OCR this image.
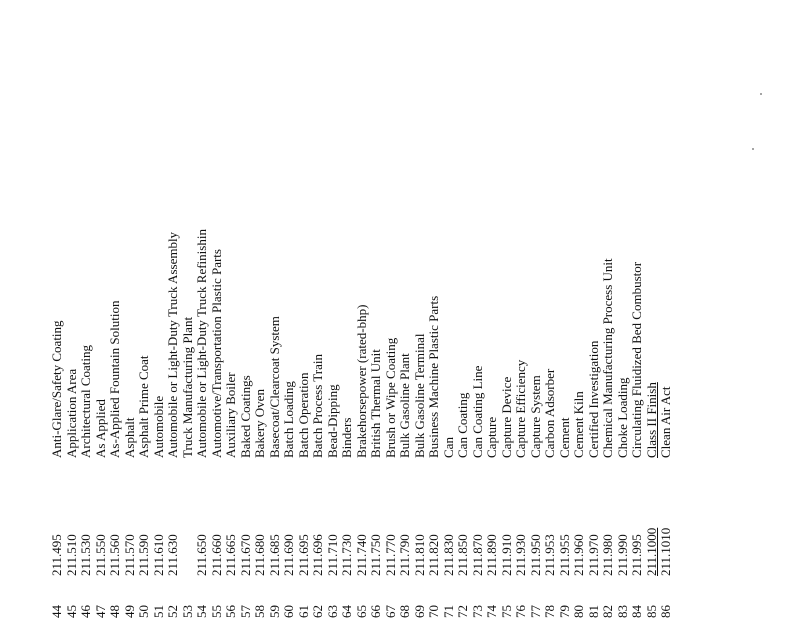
44
211.495
Anti-Glare/Safety Coating
45
211.510
Application Area
46
211.530
Architectural Coating
47
211.550
As Applied
48
211.560
As-Applied Fountain Solution
49
211.570
Asphalt
50
211.590
Asphalt Prime Coat
51
211.610
Automobile
52
211.630
Automobile or Light-Duty Truck Assembly
53
Truck Manufacturing Plant
54
211.650
Automobile or Light-Duty Truck Refinishin
55
211.660
Automotive/Transportation Plastic Parts
56
211.665
Auxiliary Boiler
57
211.670
Baked Coatings
58
211.680
Bakery Oven
59
211.685
Basecoat/Clearcoat System
60
211.690
Batch Loading
61
211.695
Batch Operation
62
211.696
Batch Process Train
63
211.710
Bead-Dipping
64
211.730
Binders
65
211.740
Brakehorsepower (rated-bhp)
66
211.750
British Thermal Unit
67
211.770
Brush or Wipe Coating
68
211.790
Bulk Gasoline Plant
69
211.810
Bulk Gasoline Terminal
70
211.820
Business Machine Plastic Parts
71
211.830
Can
72
211.850
Can Coating
73
211.870
Can Coating Line
74
211.890
Capture
75
211.910
Capture Device
76
211.930
Capture Efficiency
77
211.950
Capture System
78
211.953
Carbon Adsorber
79
211.955
Cement
80
211.960
Cement Kiln
81
211.970
Certified Investigation
82
211.980
Chemical Manufacturing Process Unit
83
211.990
Choke Loading
84
211.995
Circulating Fluidized Bed Combustor
85
211.1000
Class II Finish
86
211.1010
Clean Air Act
